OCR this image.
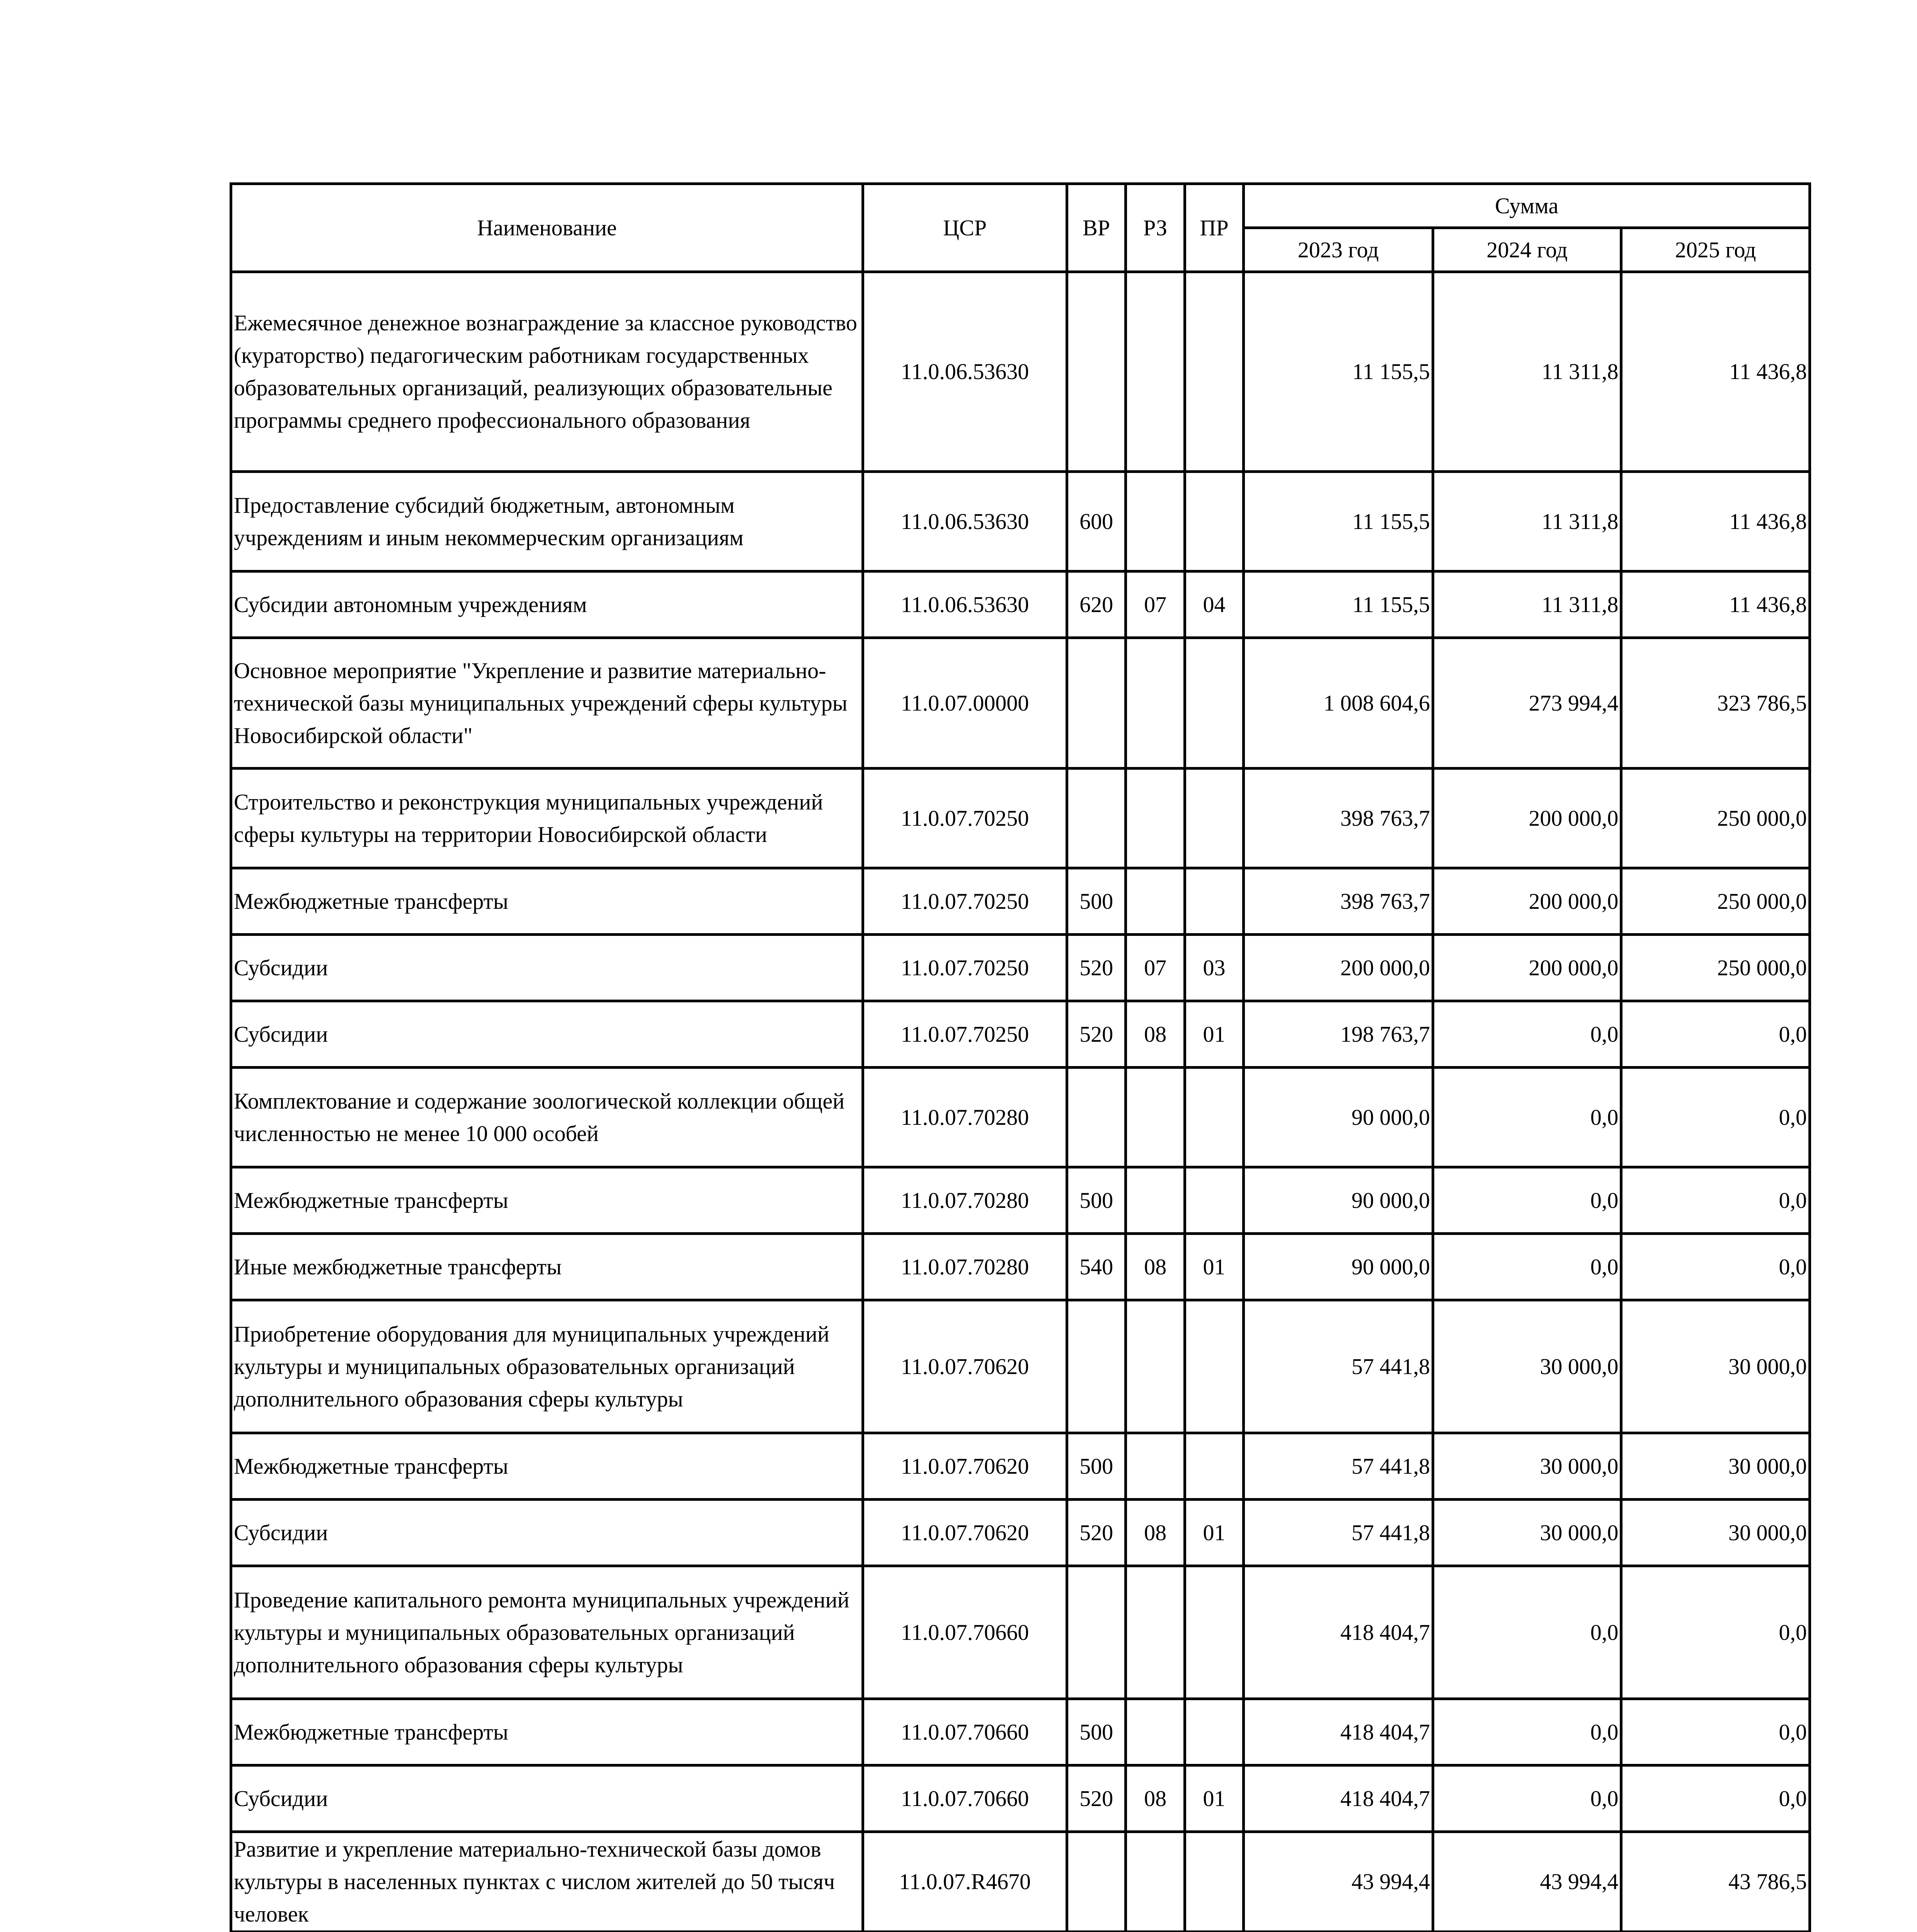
Наименование	ЦСР	ВР	РЗ	ПР	Сумма		
					2023 год	2024 год	2025 год
Ежемесячное денежное вознаграждение за классное руководство (кураторство) педагогическим работникам государственных образовательных организаций, реализующих образовательные программы среднего профессионального образования	11.0.06.53630				11 155,5	11 311,8	11 436,8
Предоставление субсидий бюджетным, автономным учреждениям и иным некоммерческим организациям	11.0.06.53630	600			11 155,5	11 311,8	11 436,8
Субсидии автономным учреждениям	11.0.06.53630	620	07	04	11 155,5	11 311,8	11 436,8
Основное мероприятие "Укрепление и развитие материально-технической базы муниципальных учреждений сферы культуры Новосибирской области"	11.0.07.00000				1 008 604,6	273 994,4	323 786,5
Строительство и реконструкция муниципальных учреждений сферы культуры на территории Новосибирской области	11.0.07.70250				398 763,7	200 000,0	250 000,0
Межбюджетные трансферты	11.0.07.70250	500			398 763,7	200 000,0	250 000,0
Субсидии	11.0.07.70250	520	07	03	200 000,0	200 000,0	250 000,0
Субсидии	11.0.07.70250	520	08	01	198 763,7	0,0	0,0
Комплектование и содержание зоологической коллекции общей численностью не менее 10 000 особей	11.0.07.70280				90 000,0	0,0	0,0
Межбюджетные трансферты	11.0.07.70280	500			90 000,0	0,0	0,0
Иные межбюджетные трансферты	11.0.07.70280	540	08	01	90 000,0	0,0	0,0
Приобретение оборудования для муниципальных учреждений культуры и муниципальных образовательных организаций дополнительного образования сферы культуры	11.0.07.70620				57 441,8	30 000,0	30 000,0
Межбюджетные трансферты	11.0.07.70620	500			57 441,8	30 000,0	30 000,0
Субсидии	11.0.07.70620	520	08	01	57 441,8	30 000,0	30 000,0
Проведение капитального ремонта муниципальных учреждений культуры и муниципальных образовательных организаций дополнительного образования сферы культуры	11.0.07.70660				418 404,7	0,0	0,0
Межбюджетные трансферты	11.0.07.70660	500			418 404,7	0,0	0,0
Субсидии	11.0.07.70660	520	08	01	418 404,7	0,0	0,0
Развитие и укрепление материально-технической базы домов культуры в населенных пунктах с числом жителей до 50 тысяч человек	11.0.07.R4670				43 994,4	43 994,4	43 786,5
